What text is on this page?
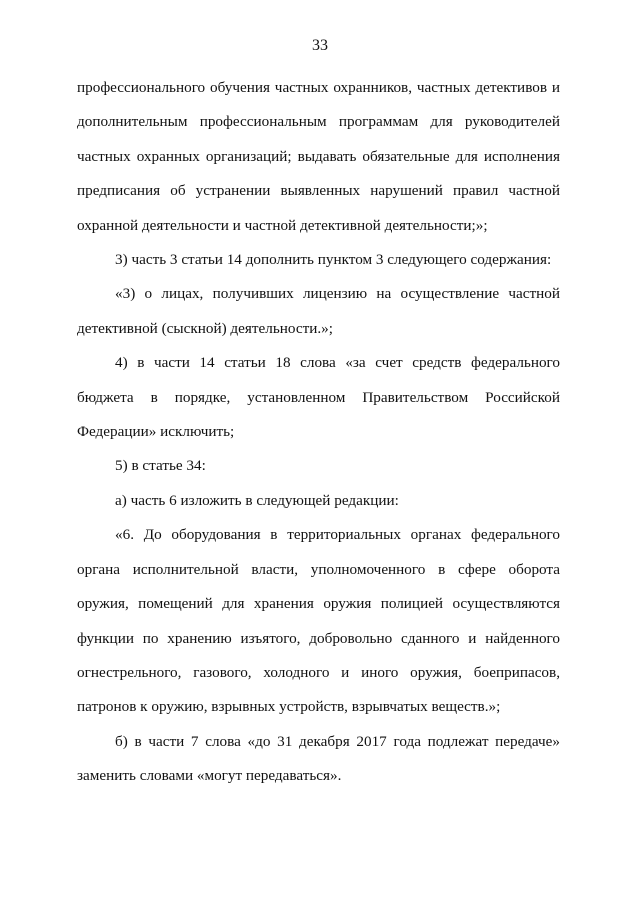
33

профессионального обучения частных охранников, частных детективов и дополнительным профессиональным программам для руководителей частных охранных организаций; выдавать обязательные для исполнения предписания об устранении выявленных нарушений правил частной охранной деятельности и частной детективной деятельности;»;

3) часть 3 статьи 14 дополнить пунктом 3 следующего содержания:

«3) о лицах, получивших лицензию на осуществление частной детективной (сыскной) деятельности.»;

4) в части 14 статьи 18 слова «за счет средств федерального бюджета в порядке, установленном Правительством Российской Федерации» исключить;

5) в статье 34:

а) часть 6 изложить в следующей редакции:

«6. До оборудования в территориальных органах федерального органа исполнительной власти, уполномоченного в сфере оборота оружия, помещений для хранения оружия полицией осуществляются функции по хранению изъятого, добровольно сданного и найденного огнестрельного, газового, холодного и иного оружия, боеприпасов, патронов к оружию, взрывных устройств, взрывчатых веществ.»;

б) в части 7 слова «до 31 декабря 2017 года подлежат передаче» заменить словами «могут передаваться».
